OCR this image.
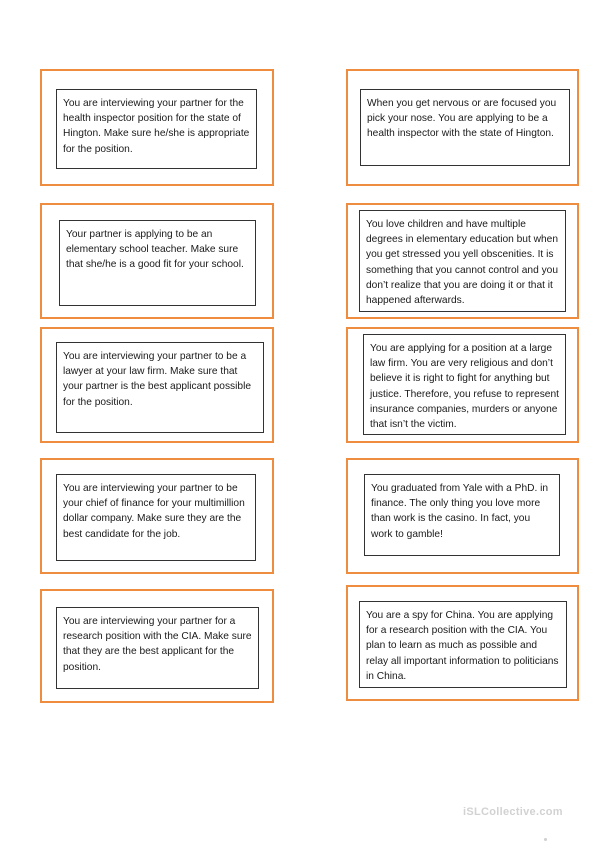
You are interviewing your partner for the health inspector position for the state of Hington. Make sure he/she is appropriate for the position.

When you get nervous or are focused you pick your nose. You are applying to be a health inspector with the state of Hington.

Your partner is applying to be an elementary school teacher. Make sure that she/he is a good fit for your school.

You love children and have multiple degrees in elementary education but when you get stressed you yell obscenities. It is something that you cannot control and you don’t realize that you are doing it or that it happened afterwards.

You are interviewing your partner to be a lawyer at your law firm. Make sure that your partner is the best applicant possible for the position.

You are applying for a position at a large law firm. You are very religious and don’t believe it is right to fight for anything but justice. Therefore, you refuse to represent insurance companies, murders or anyone that isn’t the victim.

You are interviewing your partner to be your chief of finance for your multimillion dollar company. Make sure they are the best candidate for the job.

You graduated from Yale with a PhD. in finance. The only thing you love more than work is the casino. In fact, you work to gamble!

You are interviewing your partner for a research position with the CIA. Make sure that they are the best applicant for the position.

You are a spy for China. You are applying for a research position with the CIA. You plan to learn as much as possible and relay all important information to politicians in China.

iSLCollective.com
